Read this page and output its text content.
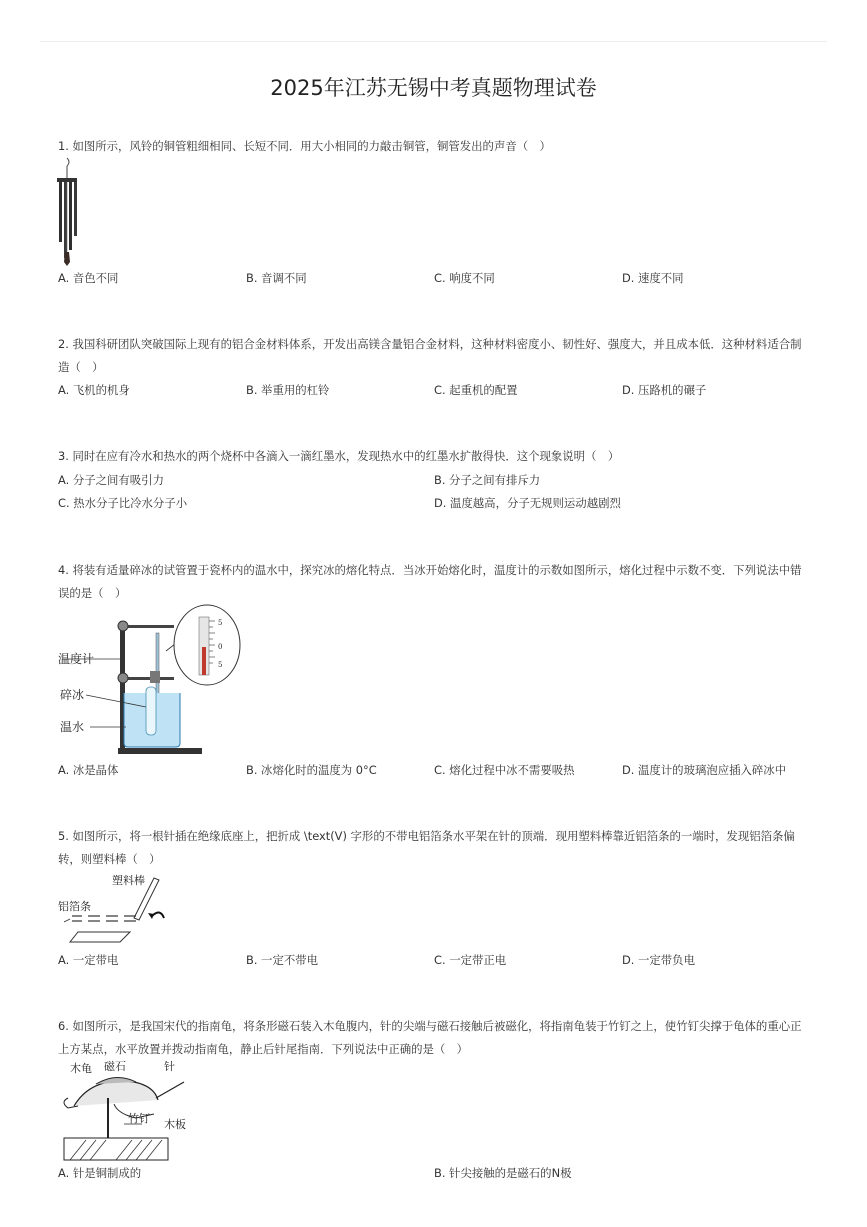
2025年江苏无锡中考真题物理试卷
1. 如图所示，风铃的铜管粗细相同、长短不同．用大小相同的力敲击铜管，铜管发出的声音（　）
A. 音色不同	B. 音调不同	C. 响度不同	D. 速度不同
2. 我国科研团队突破国际上现有的铝合金材料体系，开发出高镁含量铝合金材料，这种材料密度小、韧性好、强度大，并且成本低．这种材料适合制造（　）
A. 飞机的机身	B. 举重用的杠铃	C. 起重机的配置	D. 压路机的碾子
3. 同时在应有冷水和热水的两个烧杯中各滴入一滴红墨水，发现热水中的红墨水扩散得快．这个现象说明（　）
A. 分子之间有吸引力	B. 分子之间有排斥力
C. 热水分子比冷水分子小	D. 温度越高，分子无规则运动越剧烈
4. 将装有适量碎冰的试管置于瓷杯内的温水中，探究冰的熔化特点．当冰开始熔化时，温度计的示数如图所示，熔化过程中示数不变．下列说法中错误的是（　）
温度计
碎冰
温水
5
0
5
A. 冰是晶体	B. 冰熔化时的温度为 0°C	C. 熔化过程中冰不需要吸热	D. 温度计的玻璃泡应插入碎冰中
5. 如图所示，将一根针插在绝缘底座上，把折成 \text(V) 字形的不带电铝箔条水平架在针的顶端．现用塑料棒靠近铝箔条的一端时，发现铝箔条偏转，则塑料棒（　）
塑料棒
铝箔条
A. 一定带电	B. 一定不带电	C. 一定带正电	D. 一定带负电
6. 如图所示，是我国宋代的指南龟，将条形磁石装入木龟腹内，针的尖端与磁石接触后被磁化，将指南龟装于竹钉之上，使竹钉尖撑于龟体的重心正上方某点，水平放置并拨动指南龟，静止后针尾指南．下列说法中正确的是（　）
木龟 磁石	针
竹钉 木板
A. 针是铜制成的	B. 针尖接触的是磁石的N极
